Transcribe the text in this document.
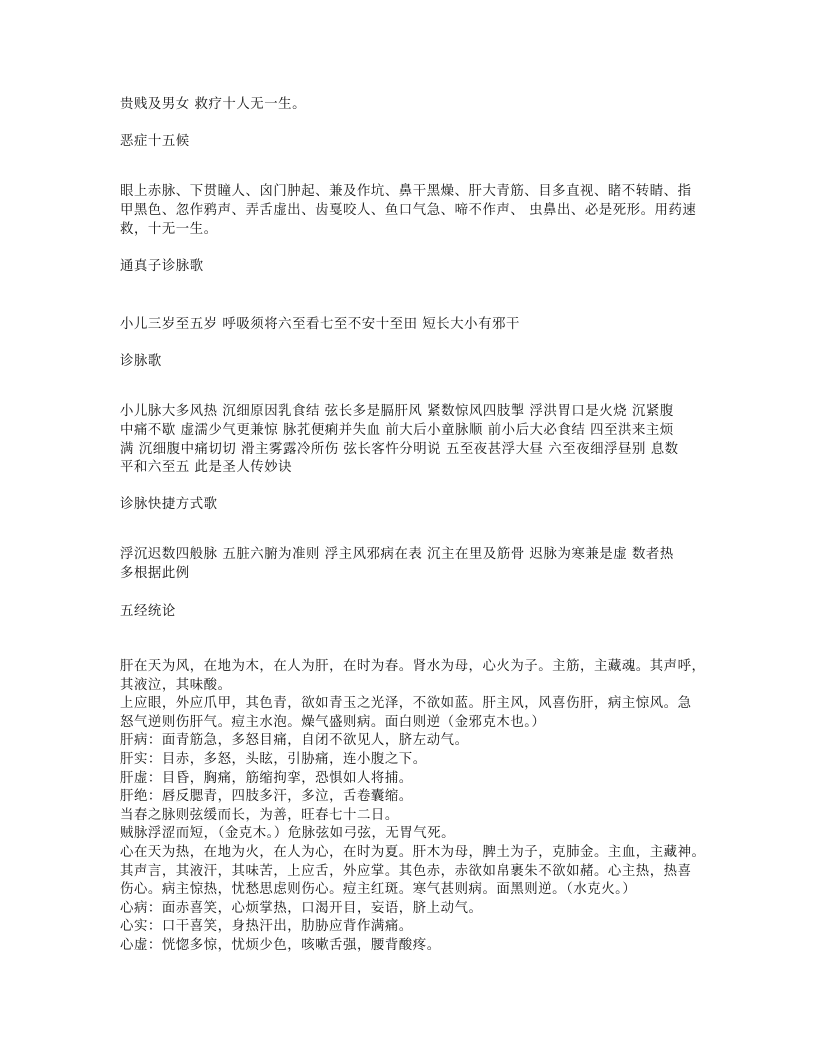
贵贱及男女 救疗十人无一生。
恶症十五候
眼上赤脉、下贯瞳人、囟门肿起、兼及作坑、鼻干黑燥、肝大青筋、目多直视、睹不转睛、指
甲黑色、忽作鸦声、弄舌虚出、齿戛咬人、鱼口气急、啼不作声、 虫鼻出、必是死形。用药速
救，十无一生。
通真子诊脉歌
小儿三岁至五岁 呼吸须将六至看七至不安十至田 短长大小有邪干
诊脉歌
小儿脉大多风热 沉细原因乳食结 弦长多是膈肝风 紧数惊风四肢掣 浮洪胃口是火烧 沉紧腹
中痛不歇 虚濡少气更兼惊 脉芤便痢并失血 前大后小童脉顺 前小后大必食结 四至洪来主烦
满 沉细腹中痛切切 滑主雾露冷所伤 弦长客忤分明说 五至夜甚浮大昼 六至夜细浮昼别 息数
平和六至五 此是圣人传妙诀
诊脉快捷方式歌
浮沉迟数四般脉 五脏六腑为准则 浮主风邪病在表 沉主在里及筋骨 迟脉为寒兼是虚 数者热
多根据此例
五经统论
肝在天为风，在地为木，在人为肝，在时为春。肾水为母，心火为子。主筋，主藏魂。其声呼，
其液泣，其味酸。
上应眼，外应爪甲，其色青，欲如青玉之光泽，不欲如蓝。肝主风，风喜伤肝，病主惊风。急
怒气逆则伤肝气。痘主水泡。燥气盛则病。面白则逆（金邪克木也。）
肝病：面青筋急，多怒目痛，自闭不欲见人，脐左动气。
肝实：目赤，多怒，头眩，引胁痛，连小腹之下。
肝虚：目昏，胸痛，筋缩拘挛，恐惧如人将捕。
肝绝：唇反腮青，四肢多汗，多泣，舌卷囊缩。
当春之脉则弦缓而长，为善，旺春七十二日。
贼脉浮涩而短，（金克木。）危脉弦如弓弦，无胃气死。
心在天为热，在地为火，在人为心，在时为夏。肝木为母，脾土为子，克肺金。主血，主藏神。
其声言，其液汗，其味苦，上应舌，外应掌。其色赤，赤欲如帛裹朱不欲如赭。心主热，热喜
伤心。病主惊热，忧愁思虑则伤心。痘主红斑。寒气甚则病。面黑则逆。（水克火。）
心病：面赤喜笑，心烦掌热，口渴开目，妄语，脐上动气。
心实：口干喜笑，身热汗出，肋胁应背作满痛。
心虚：恍惚多惊，忧烦少色，咳嗽舌强，腰背酸疼。
